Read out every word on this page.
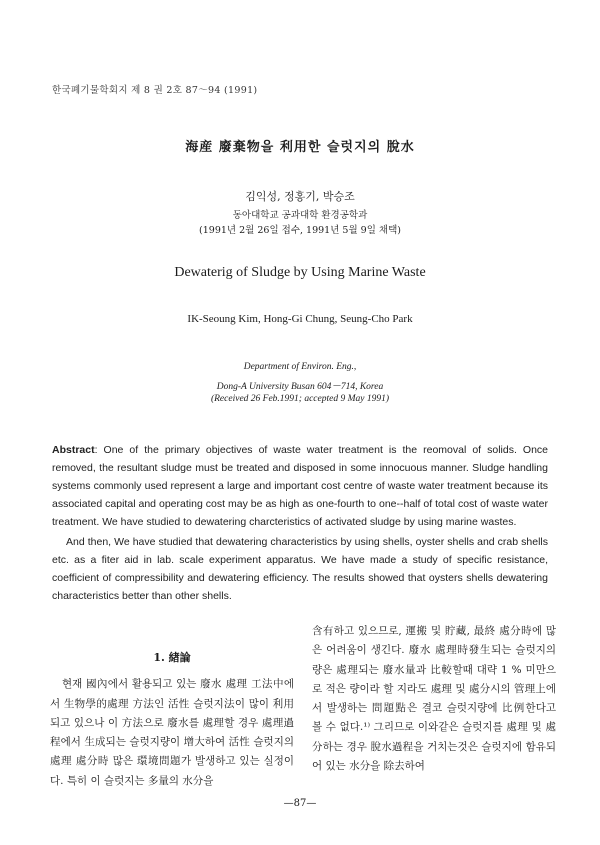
한국폐기물학회지 제 8 권 2호 87～94 (1991)
海産 廢棄物을 利用한 슬럿지의 脫水
김익성, 정홍기, 박승조
동아대학교 공과대학 환경공학과
(1991년 2월 26일 접수, 1991년 5월 9일 채택)
Dewaterig of Sludge by Using Marine Waste
IK-Seoung Kim, Hong-Gi Chung, Seung-Cho Park
Department of Environ. Eng.,
Dong-A University Busan 604－714, Korea
(Received 26 Feb.1991; accepted 9 May 1991)

Abstract: One of the primary objectives of waste water treatment is the reomoval of solids. Once removed, the resultant sludge must be treated and disposed in some innocuous manner. Sludge handling systems commonly used represent a large and important cost centre of waste water treatment because its associated capital and operating cost may be as high as one-fourth to one--half of total cost of waste water treatment. We have studied to dewatering charcteristics of activated sludge by using marine wastes.

And then, We have studied that dewatering characteristics by using shells, oyster shells and crab shells etc. as a fiter aid in lab. scale experiment apparatus. We have made a study of specific resistance, coefficient of compressibility and dewatering efficiency. The results showed that oysters shells dewatering characteristics better than other shells.

1. 緖論

현재 國內에서 활용되고 있는 廢水 處理 工法中에서 生物學的處理 方法인 活性 슬럿지法이 많이 利用되고 있으나 이 方法으로 廢水를 處理할 경우 處理過程에서 生成되는 슬럿지량이 增大하여 活性 슬럿지의 處理 處分時 많은 環境問題가 발생하고 있는 실정이다. 특히 이 슬럿지는 多量의 水分을

含有하고 있으므로, 運搬 및 貯藏, 最終 處分時에 많은 어려움이 생긴다. 廢水 處理時發生되는 슬럿지의 량은 處理되는 廢水量과 比較할때 대략 1 % 미만으로 적은 량이라 할 지라도 處理 및 處分시의 管理上에서 발생하는 問題點은 결코 슬럿지량에 比例한다고 볼 수 없다.¹⁾ 그리므로 이와같은 슬럿지를 處理 및 處分하는 경우 脫水過程을 거치는것은 슬럿지에 함유되어 있는 水分을 除去하여

—87—
